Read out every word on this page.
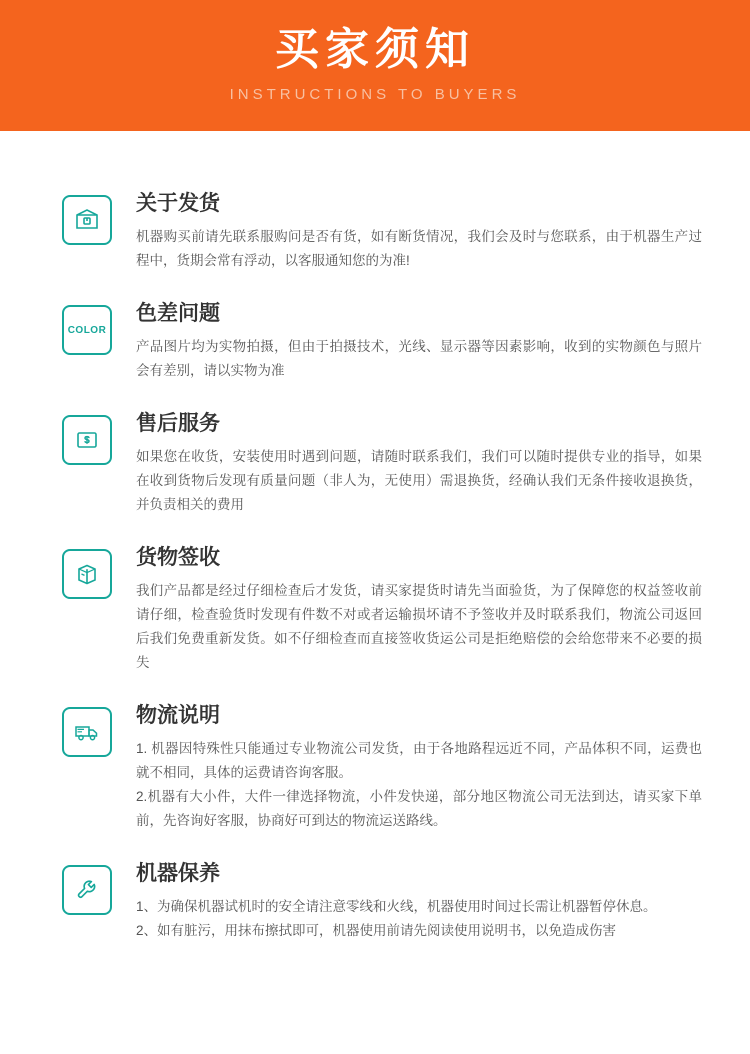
买家须知
INSTRUCTIONS TO BUYERS
关于发货

机器购买前请先联系服购问是否有货，如有断货情况，我们会及时与您联系，由于机器生产过程中，货期会常有浮动，以客服通知您的为准!

COLOR
色差问题

产品图片均为实物拍摄，但由于拍摄技术，光线、显示器等因素影响，收到的实物颜色与照片会有差别，请以实物为准

售后服务

如果您在收货，安装使用时遇到问题，请随时联系我们，我们可以随时提供专业的指导，如果在收到货物后发现有质量问题（非人为，无使用）需退换货，经确认我们无条件接收退换货，并负责相关的费用

货物签收

我们产品都是经过仔细检查后才发货，请买家提货时请先当面验货，为了保障您的权益签收前请仔细，检查验货时发现有件数不对或者运输损坏请不予签收并及时联系我们，物流公司返回后我们免费重新发货。如不仔细检查而直接签收货运公司是拒绝赔偿的会给您带来不必要的损失

物流说明
1. 机器因特殊性只能通过专业物流公司发货，由于各地路程远近不同，产品体积不同，运费也就不相同，具体的运费请咨询客服。
2.机器有大小件，大件一律选择物流，小件发快递，部分地区物流公司无法到达，请买家下单前，先咨询好客服，协商好可到达的物流运送路线。
机器保养
1、为确保机器试机时的安全请注意零线和火线，机器使用时间过长需让机器暂停休息。
2、如有脏污，用抹布擦拭即可，机器使用前请先阅读使用说明书，以免造成伤害
